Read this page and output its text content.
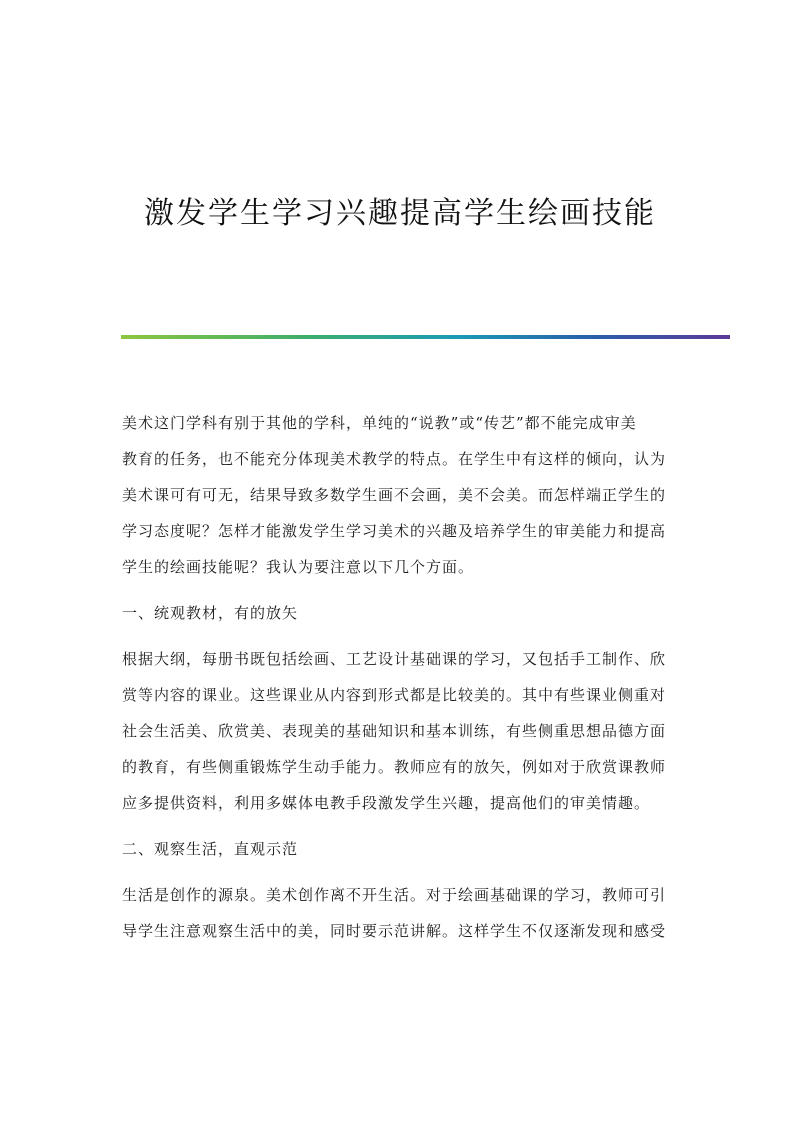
激发学生学习兴趣提高学生绘画技能
美术这门学科有别于其他的学科，单纯的“说教”或“传艺”都不能完成审美
教育的任务，也不能充分体现美术教学的特点。在学生中有这样的倾向，认为
美术课可有可无，结果导致多数学生画不会画，美不会美。而怎样端正学生的
学习态度呢？怎样才能激发学生学习美术的兴趣及培养学生的审美能力和提高
学生的绘画技能呢？我认为要注意以下几个方面。
一、统观教材，有的放矢
根据大纲，每册书既包括绘画、工艺设计基础课的学习，又包括手工制作、欣
赏等内容的课业。这些课业从内容到形式都是比较美的。其中有些课业侧重对
社会生活美、欣赏美、表现美的基础知识和基本训练，有些侧重思想品德方面
的教育，有些侧重锻炼学生动手能力。教师应有的放矢，例如对于欣赏课教师
应多提供资料，利用多媒体电教手段激发学生兴趣，提高他们的审美情趣。
二、观察生活，直观示范
生活是创作的源泉。美术创作离不开生活。对于绘画基础课的学习，教师可引
导学生注意观察生活中的美，同时要示范讲解。这样学生不仅逐渐发现和感受
